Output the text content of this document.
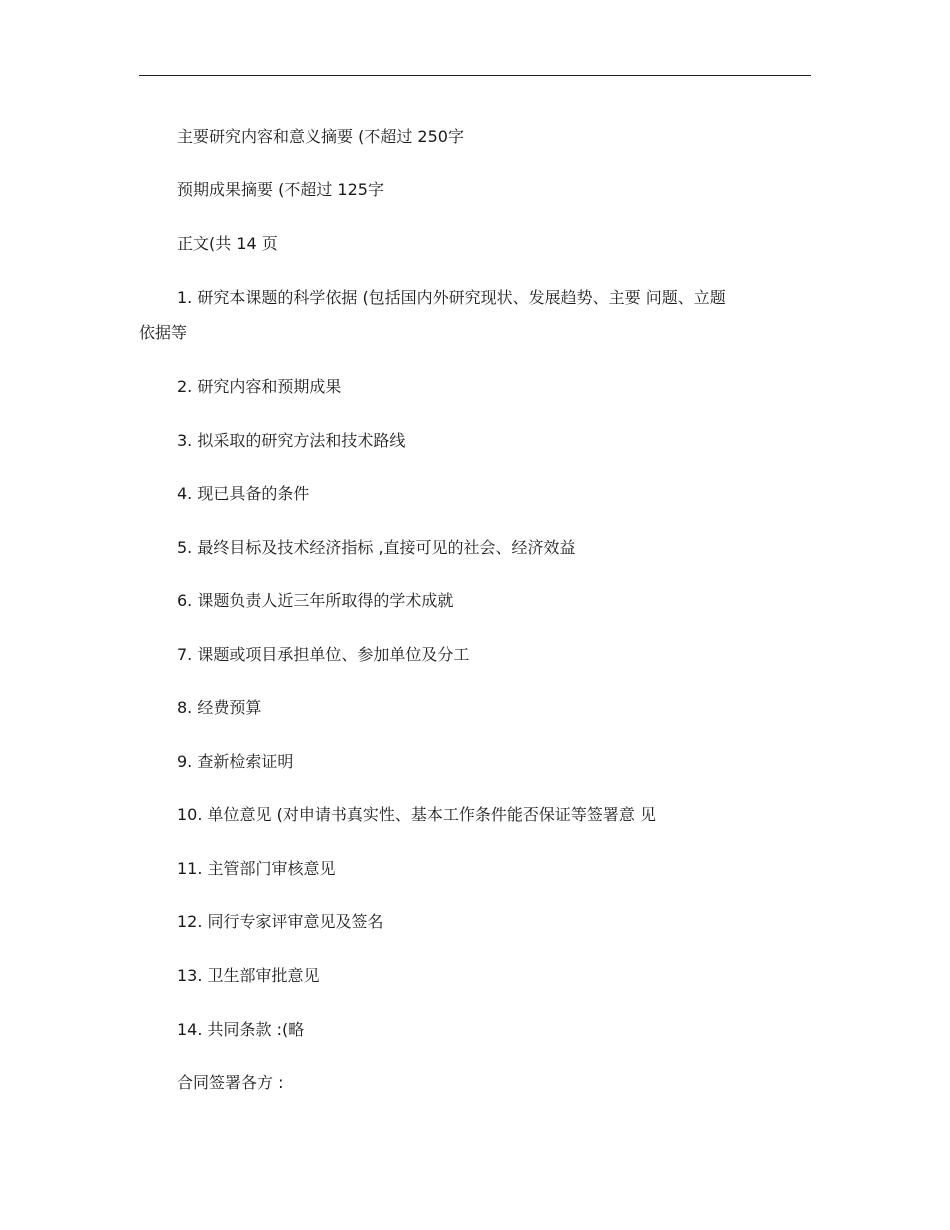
主要研究内容和意义摘要 (不超过 250字
预期成果摘要 (不超过 125字
正文(共 14 页
1. 研究本课题的科学依据 (包括国内外研究现状、发展趋势、主要 问题、立题
依据等
2. 研究内容和预期成果
3. 拟采取的研究方法和技术路线
4. 现已具备的条件
5. 最终目标及技术经济指标 ,直接可见的社会、经济效益
6. 课题负责人近三年所取得的学术成就
7. 课题或项目承担单位、参加单位及分工
8. 经费预算
9. 查新检索证明
10. 单位意见 (对申请书真实性、基本工作条件能否保证等签署意 见
11. 主管部门审核意见
12. 同行专家评审意见及签名
13. 卫生部审批意见
14. 共同条款 :(略
合同签署各方 :
